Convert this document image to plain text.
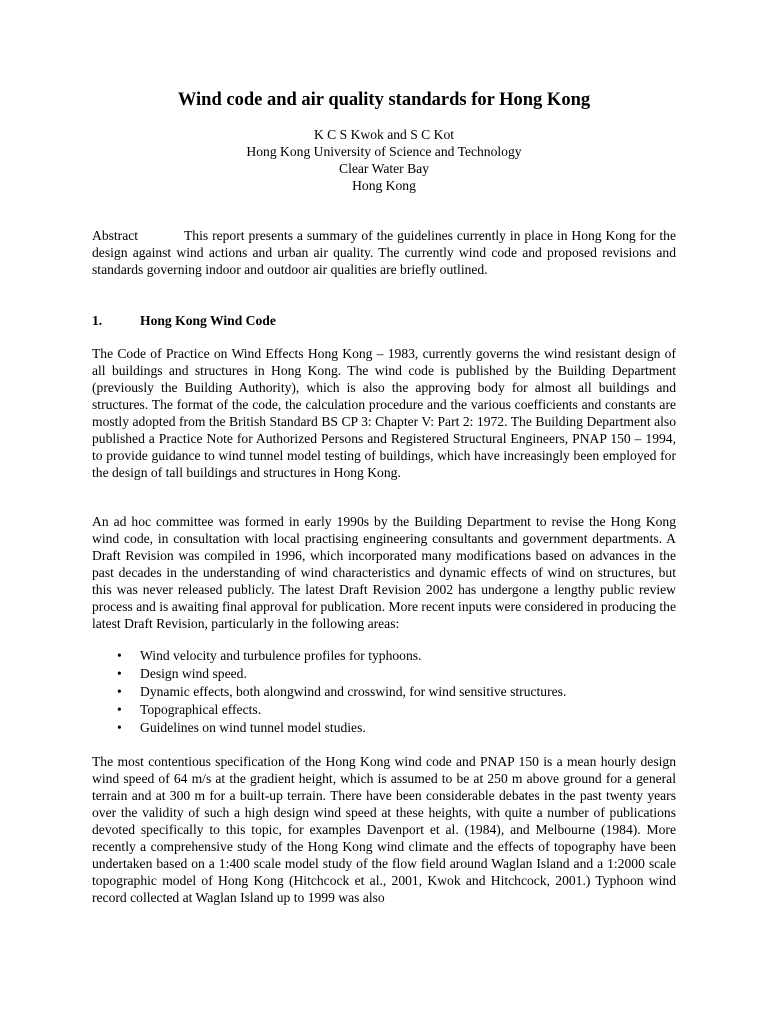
Wind code and air quality standards for Hong Kong
K C S Kwok and S C Kot
Hong Kong University of Science and Technology
Clear Water Bay
Hong Kong

Abstract	This report presents a summary of the guidelines currently in place in Hong Kong for the design against wind actions and urban air quality. The currently wind code and proposed revisions and standards governing indoor and outdoor air qualities are briefly outlined.

1.	Hong Kong Wind Code

The Code of Practice on Wind Effects Hong Kong – 1983, currently governs the wind resistant design of all buildings and structures in Hong Kong. The wind code is published by the Building Department (previously the Building Authority), which is also the approving body for almost all buildings and structures. The format of the code, the calculation procedure and the various coefficients and constants are mostly adopted from the British Standard BS CP 3: Chapter V: Part 2: 1972. The Building Department also published a Practice Note for Authorized Persons and Registered Structural Engineers, PNAP 150 – 1994, to provide guidance to wind tunnel model testing of buildings, which have increasingly been employed for the design of tall buildings and structures in Hong Kong.

An ad hoc committee was formed in early 1990s by the Building Department to revise the Hong Kong wind code, in consultation with local practising engineering consultants and government departments. A Draft Revision was compiled in 1996, which incorporated many modifications based on advances in the past decades in the understanding of wind characteristics and dynamic effects of wind on structures, but this was never released publicly. The latest Draft Revision 2002 has undergone a lengthy public review process and is awaiting final approval for publication. More recent inputs were considered in producing the latest Draft Revision, particularly in the following areas:

• Wind velocity and turbulence profiles for typhoons.
• Design wind speed.
• Dynamic effects, both alongwind and crosswind, for wind sensitive structures.
• Topographical effects.
• Guidelines on wind tunnel model studies.

The most contentious specification of the Hong Kong wind code and PNAP 150 is a mean hourly design wind speed of 64 m/s at the gradient height, which is assumed to be at 250 m above ground for a general terrain and at 300 m for a built-up terrain. There have been considerable debates in the past twenty years over the validity of such a high design wind speed at these heights, with quite a number of publications devoted specifically to this topic, for examples Davenport et al. (1984), and Melbourne (1984). More recently a comprehensive study of the Hong Kong wind climate and the effects of topography have been undertaken based on a 1:400 scale model study of the flow field around Waglan Island and a 1:2000 scale topographic model of Hong Kong (Hitchcock et al., 2001, Kwok and Hitchcock, 2001.) Typhoon wind record collected at Waglan Island up to 1999 was also
